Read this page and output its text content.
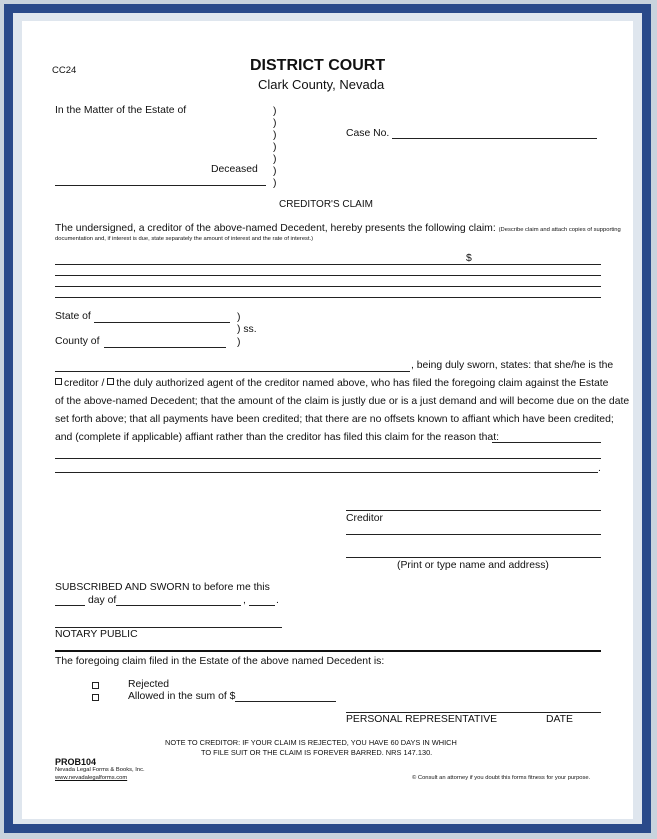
CC24	DISTRICT COURT
Clark County, Nevada
In the Matter of the Estate of	)
)
)
)
)
)
)
Case No.
Deceased
CREDITOR'S CLAIM
The undersigned, a creditor of the above-named Decedent, hereby presents the following claim: (Describe claim and attach copies of supporting
documentation and, if interest is due, state separately the amount of interest and the rate of interest.)
$
State of	)
) ss.
County of	)
, being duly sworn, states: that she/he is the
creditor / the duly authorized agent of the creditor named above, who has filed the foregoing claim against the Estate
of the above-named Decedent; that the amount of the claim is justly due or is a just demand and will become due on the date
set forth above; that all payments have been credited; that there are no offsets known to affiant which have been credited;
and (complete if applicable) affiant rather than the creditor has filed this claim for the reason that:
.
Creditor
(Print or type name and address)
SUBSCRIBED AND SWORN to before me this
day of	,	.
NOTARY PUBLIC
The foregoing claim filed in the Estate of the above named Decedent is:
Rejected
Allowed in the sum of $
PERSONAL REPRESENTATIVE	DATE
NOTE TO CREDITOR: IF YOUR CLAIM IS REJECTED, YOU HAVE 60 DAYS IN WHICH
TO FILE SUIT OR THE CLAIM IS FOREVER BARRED. NRS 147.130.
PROB104
Nevada Legal Forms & Books, Inc.
www.nevadalegalforms.com	© Consult an attorney if you doubt this forms fitness for your purpose.
